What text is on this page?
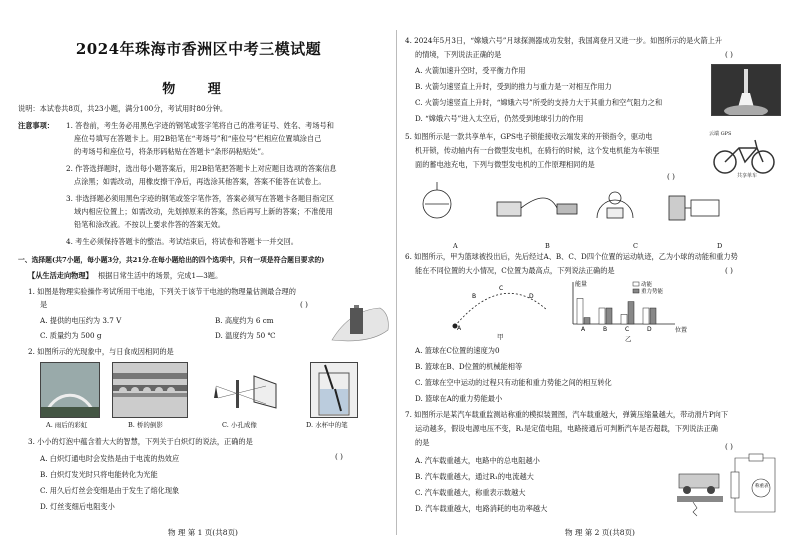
2024年珠海市香洲区中考三模试题
物 理
说明：本试卷共8页，共23小题，满分100分，考试用时80分钟。
注意事项： 1. 答卷前，考生务必用黑色字迹的钢笔或签字笔将自己的准考证号、姓名、考场号和
座位号填写在答题卡上。用2B铅笔在“考场号”和“座位号”栏相应位置填涂自己
的考场号和座位号，将条形码粘贴在答题卡“条形码粘贴处”。
2. 作答选择题时，选出每小题答案后，用2B铅笔把答题卡上对应题目选项的答案信息
点涂黑；如需改动，用橡皮擦干净后，再选涂其他答案，答案不能答在试卷上。
3. 非选择题必须用黑色字迹的钢笔或签字笔作答，答案必须写在答题卡各题目指定区
域内相应位置上；如需改动，先划掉原来的答案，然后再写上新的答案；不准使用
铅笔和涂改液。不按以上要求作答的答案无效。
4. 考生必须保持答题卡的整洁。考试结束后，将试卷和答题卡一并交回。
一、选择题(共7小题，每小题3分，共21分.在每小题给出的四个选项中，只有一项是符合题目要求的)
【从生活走向物理】 根据日常生活中的场景，完成1—3题。
1. 如图是物理实验操作考试所用干电池，下列关于该节干电池的物理量估测最合理的
是	( )
A. 提供的电压约为 3.7 V	B. 高度约为 6 cm
C. 质量约为 500 g	D. 温度约为 50 ℃
2. 如图所示的光现象中，与日食成因相同的是
A. 雨后的彩虹	B. 桥的倒影	C. 小孔成像	D. 水杯中的笔
3. 小小的灯泡中蕴含着大大的智慧，下列关于白炽灯的说法，正确的是
( )
A. 白炽灯通电时会发热是由于电流的热效应
B. 白炽灯发光时只将电能转化为光能
C. 用久后灯丝会变细是由于发生了熔化现象
D. 灯丝变细后电阻变小
物 理 第 1 页(共8页)
4. 2024年5月3日，“嫦娥六号”月球探测器成功发射，我国离登月又进一步。如图所示的是火箭上升
的情境，下列说法正确的是	( )
A. 火箭加速升空时，受平衡力作用
B. 火箭匀速竖直上升时，受到的推力与重力是一对相互作用力
C. 火箭匀速竖直上升时，“嫦娥六号”所受的支持力大于其重力和空气阻力之和
D. “嫦娥六号”进入太空后，仍然受到地球引力的作用
5. 如图所示是一款共享单车，GPS电子锁能接收云端发来的开锁指令，驱动电
机开锁，传动轴内有一台微型发电机，在骑行的时候，这个发电机能为车锁里
面的蓄电池充电，下列与微型发电机的工作原理相同的是
( )
云端 GPS
共享单车
A	B	C	D
6. 如图所示，甲为篮球被投出后，先后经过A、B、C、D四个位置的运动轨迹，乙为小球的动能和重力势
能在不同位置的大小情况，C位置为最高点，下列说法正确的是	( )
A
B
C
D
甲
能量
位置
动能
重力势能
A	B	C	D
乙
A. 篮球在C位置的速度为0
B. 篮球在B、D位置的机械能相等
C. 篮球在空中运动的过程只有动能和重力势能之间的相互转化
D. 篮球在A的重力势能最小
7. 如图所示是某汽车载重监测站称重的模拟装置图，汽车载重越大，弹簧压缩量越大，带动滑片P向下
运动越多，假设电源电压不变，R₁是定值电阻，电路接通后可判断汽车是否超载，下列说法正确
的是	( )
A. 汽车载重越大，电路中的总电阻越小
B. 汽车载重越大，通过R₁的电流越大
C. 汽车载重越大，称重表示数越大
D. 汽车载重越大，电路消耗的电功率越大
称重表
物 理 第 2 页(共8页)
